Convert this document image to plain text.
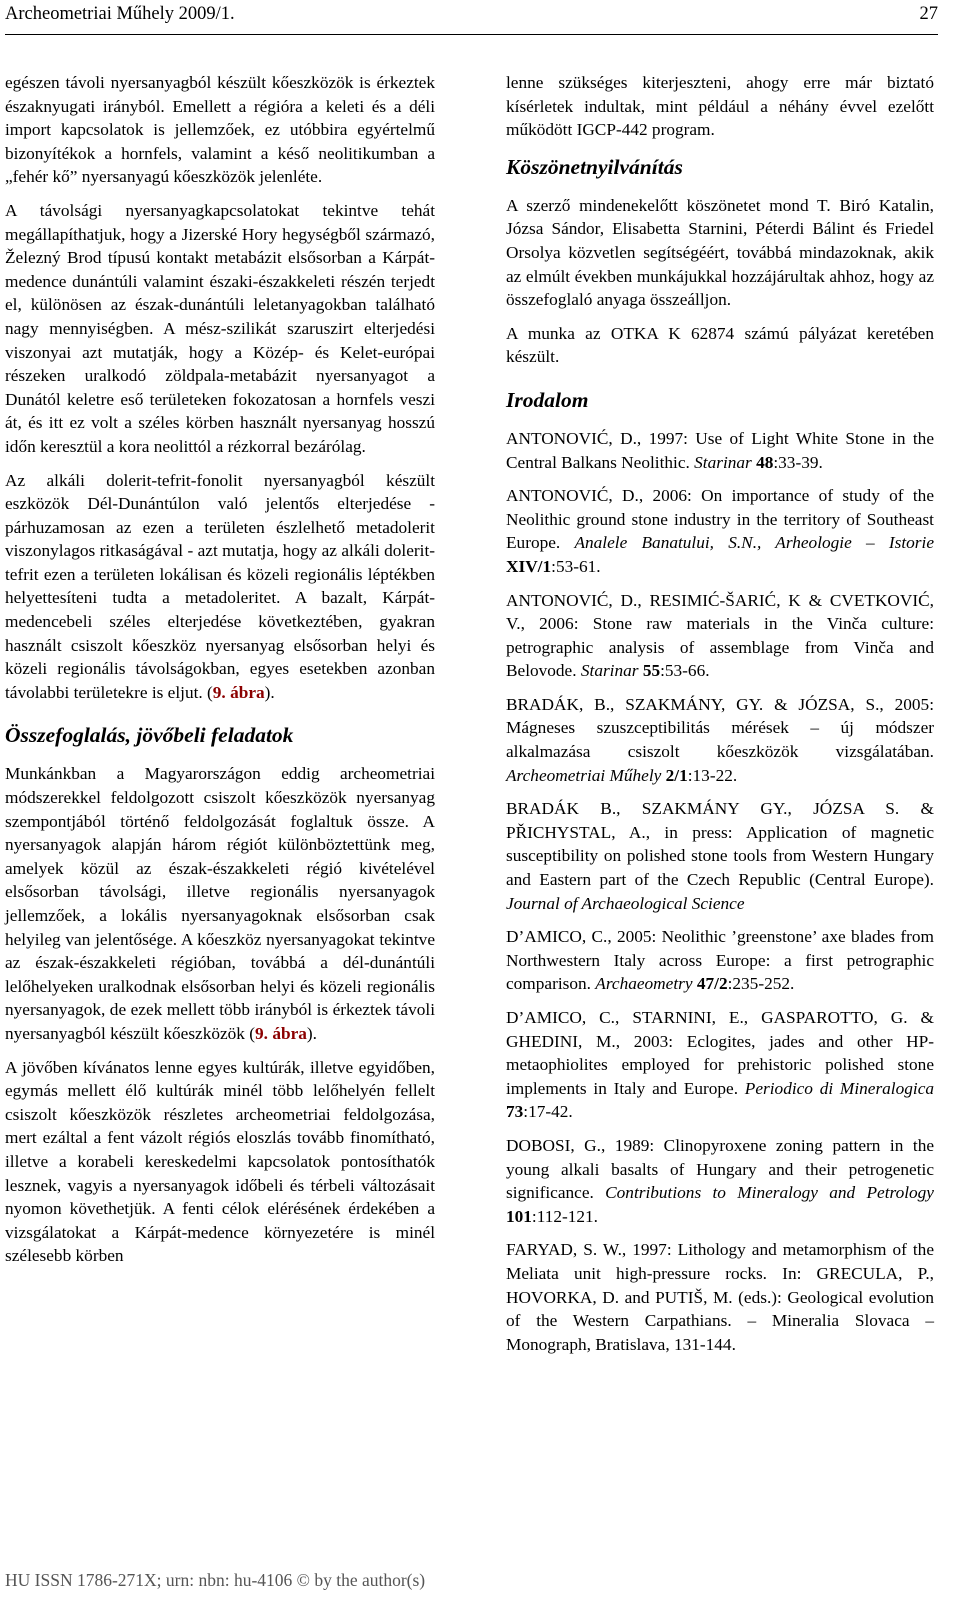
Archeometriai Műhely 2009/1.	27

egészen távoli nyersanyagból készült kőeszközök is érkeztek északnyugati irányból. Emellett a régióra a keleti és a déli import kapcsolatok is jellemzőek, ez utóbbira egyértelmű bizonyítékok a hornfels, valamint a késő neolitikumban a „fehér kő” nyersanyagú kőeszközök jelenléte.

A távolsági nyersanyagkapcsolatokat tekintve tehát megállapíthatjuk, hogy a Jizerské Hory hegységből származó, Železný Brod típusú kontakt metabázit elsősorban a Kárpát-medence dunántúli valamint északi-északkeleti részén terjedt el, különösen az észak-dunántúli leletanyagokban található nagy mennyiségben. A mész-szilikát szaruszirt elterjedési viszonyai azt mutatják, hogy a Közép- és Kelet-európai részeken uralkodó zöldpala-metabázit nyersanyagot a Dunától keletre eső területeken fokozatosan a hornfels veszi át, és itt ez volt a széles körben használt nyersanyag hosszú időn keresztül a kora neolittól a rézkorral bezárólag.

Az alkáli dolerit-tefrit-fonolit nyersanyagból készült eszközök Dél-Dunántúlon való jelentős elterjedése - párhuzamosan az ezen a területen észlelhető metadolerit viszonylagos ritkaságával - azt mutatja, hogy az alkáli dolerit-tefrit ezen a területen lokálisan és közeli regionális léptékben helyettesíteni tudta a metadoleritet. A bazalt, Kárpát-medencebeli széles elterjedése következtében, gyakran használt csiszolt kőeszköz nyersanyag elsősorban helyi és közeli regionális távolságokban, egyes esetekben azonban távolabbi területekre is eljut. (9. ábra).

Összefoglalás, jövőbeli feladatok

Munkánkban a Magyarországon eddig archeometriai módszerekkel feldolgozott csiszolt kőeszközök nyersanyag szempontjából történő feldolgozását foglaltuk össze. A nyersanyagok alapján három régiót különböztettünk meg, amelyek közül az észak-északkeleti régió kivételével elsősorban távolsági, illetve regionális nyersanyagok jellemzőek, a lokális nyersanyagoknak elsősorban csak helyileg van jelentősége. A kőeszköz nyersanyagokat tekintve az észak-északkeleti régióban, továbbá a dél-dunántúli lelőhelyeken uralkodnak elsősorban helyi és közeli regionális nyersanyagok, de ezek mellett több irányból is érkeztek távoli nyersanyagból készült kőeszközök (9. ábra).

A jövőben kívánatos lenne egyes kultúrák, illetve egyidőben, egymás mellett élő kultúrák minél több lelőhelyén fellelt csiszolt kőeszközök részletes archeometriai feldolgozása, mert ezáltal a fent vázolt régiós eloszlás tovább finomítható, illetve a korabeli kereskedelmi kapcsolatok pontosíthatók lesznek, vagyis a nyersanyagok időbeli és térbeli változásait nyomon követhetjük. A fenti célok elérésének érdekében a vizsgálatokat a Kárpát-medence környezetére is minél szélesebb körben

lenne szükséges kiterjeszteni, ahogy erre már biztató kísérletek indultak, mint például a néhány évvel ezelőtt működött IGCP-442 program.

Köszönetnyilvánítás

A szerző mindenekelőtt köszönetet mond T. Biró Katalin, Józsa Sándor, Elisabetta Starnini, Péterdi Bálint és Friedel Orsolya közvetlen segítségéért, továbbá mindazoknak, akik az elmúlt években munkájukkal hozzájárultak ahhoz, hogy az összefoglaló anyaga összeálljon.

A munka az OTKA K 62874 számú pályázat keretében készült.

Irodalom

ANTONOVIĆ, D., 1997: Use of Light White Stone in the Central Balkans Neolithic. Starinar 48:33-39.

ANTONOVIĆ, D., 2006: On importance of study of the Neolithic ground stone industry in the territory of Southeast Europe. Analele Banatului, S.N., Arheologie – Istorie XIV/1:53-61.

ANTONOVIĆ, D., RESIMIĆ-ŠARIĆ, K & CVETKOVIĆ, V., 2006: Stone raw materials in the Vinča culture: petrographic analysis of assemblage from Vinča and Belovode. Starinar 55:53-66.

BRADÁK, B., SZAKMÁNY, GY. & JÓZSA, S., 2005: Mágneses szuszceptibilitás mérések – új módszer alkalmazása csiszolt kőeszközök vizsgálatában. Archeometriai Műhely 2/1:13-22.

BRADÁK B., SZAKMÁNY GY., JÓZSA S. & PŘICHYSTAL, A., in press: Application of magnetic susceptibility on polished stone tools from Western Hungary and Eastern part of the Czech Republic (Central Europe). Journal of Archaeological Science

D’AMICO, C., 2005: Neolithic ’greenstone’ axe blades from Northwestern Italy across Europe: a first petrographic comparison. Archaeometry 47/2:235-252.

D’AMICO, C., STARNINI, E., GASPAROTTO, G. & GHEDINI, M., 2003: Eclogites, jades and other HP-metaophiolites employed for prehistoric polished stone implements in Italy and Europe. Periodico di Mineralogica 73:17-42.

DOBOSI, G., 1989: Clinopyroxene zoning pattern in the young alkali basalts of Hungary and their petrogenetic significance. Contributions to Mineralogy and Petrology 101:112-121.

FARYAD, S. W., 1997: Lithology and metamorphism of the Meliata unit high-pressure rocks. In: GRECULA, P., HOVORKA, D. and PUTIŠ, M. (eds.): Geological evolution of the Western Carpathians. – Mineralia Slovaca – Monograph, Bratislava, 131-144.

HU ISSN 1786-271X; urn: nbn: hu-4106 © by the author(s)
